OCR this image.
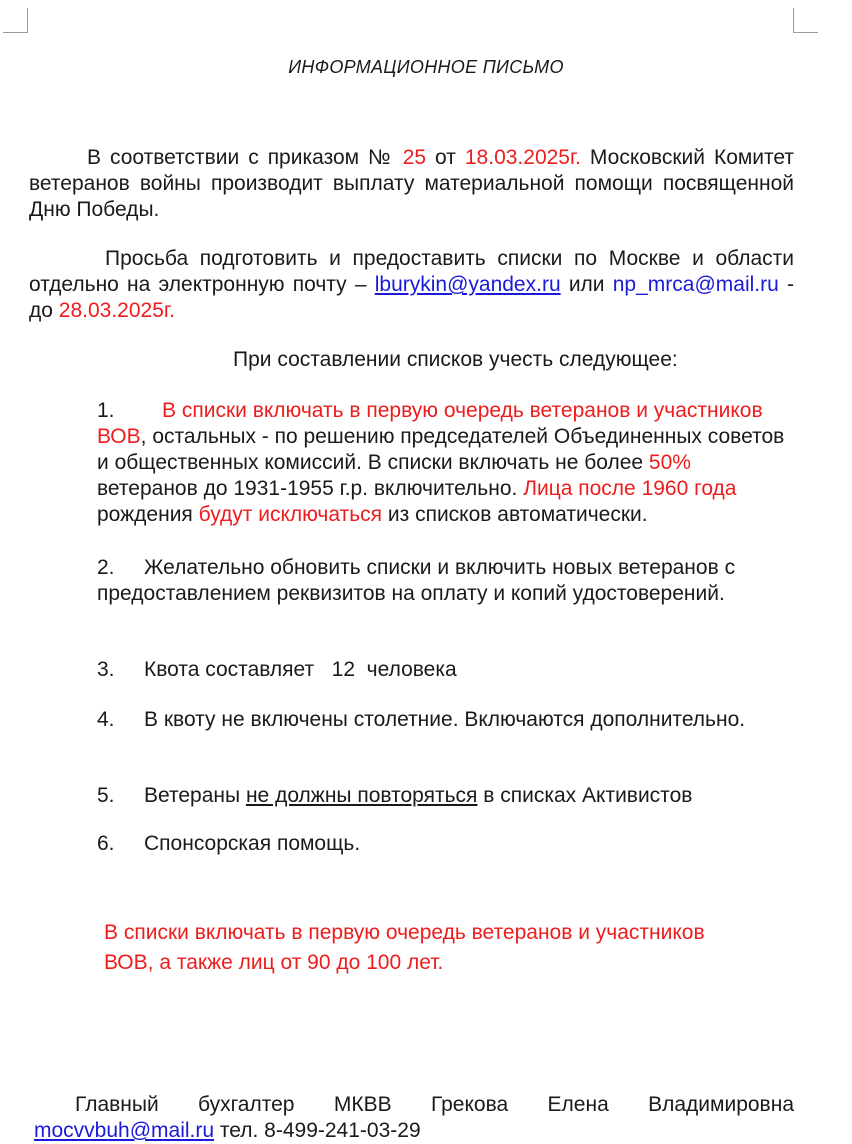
ИНФОРМАЦИОННОЕ ПИСЬМО
В соответствии с приказом № 25 от 18.03.2025г. Московский Комитет ветеранов войны производит выплату материальной помощи посвященной Дню Победы.
Просьба подготовить и предоставить списки по Москве и области отдельно на электронную почту – lburykin@yandex.ru или np_mrca@mail.ru - до 28.03.2025г.
При составлении списков учесть следующее:
1. В списки включать в первую очередь ветеранов и участников ВОВ, остальных - по решению председателей Объединенных советов и общественных комиссий. В списки включать не более 50% ветеранов до 1931-1955 г.р. включительно. Лица после 1960 года рождения будут исключаться из списков автоматически.
2. Желательно обновить списки и включить новых ветеранов с предоставлением реквизитов на оплату и копий удостоверений.
3. Квота составляет   12  человека
4. В квоту не включены столетние. Включаются дополнительно.
5. Ветераны не должны повторяться в списках Активистов
6. Спонсорская помощь.
В списки включать в первую очередь ветеранов и участников ВОВ, а также лиц от 90 до 100 лет.
Главный бухгалтер МКВВ Грекова Елена Владимировна
mocvvbuh@mail.ru тел. 8-499-241-03-29
